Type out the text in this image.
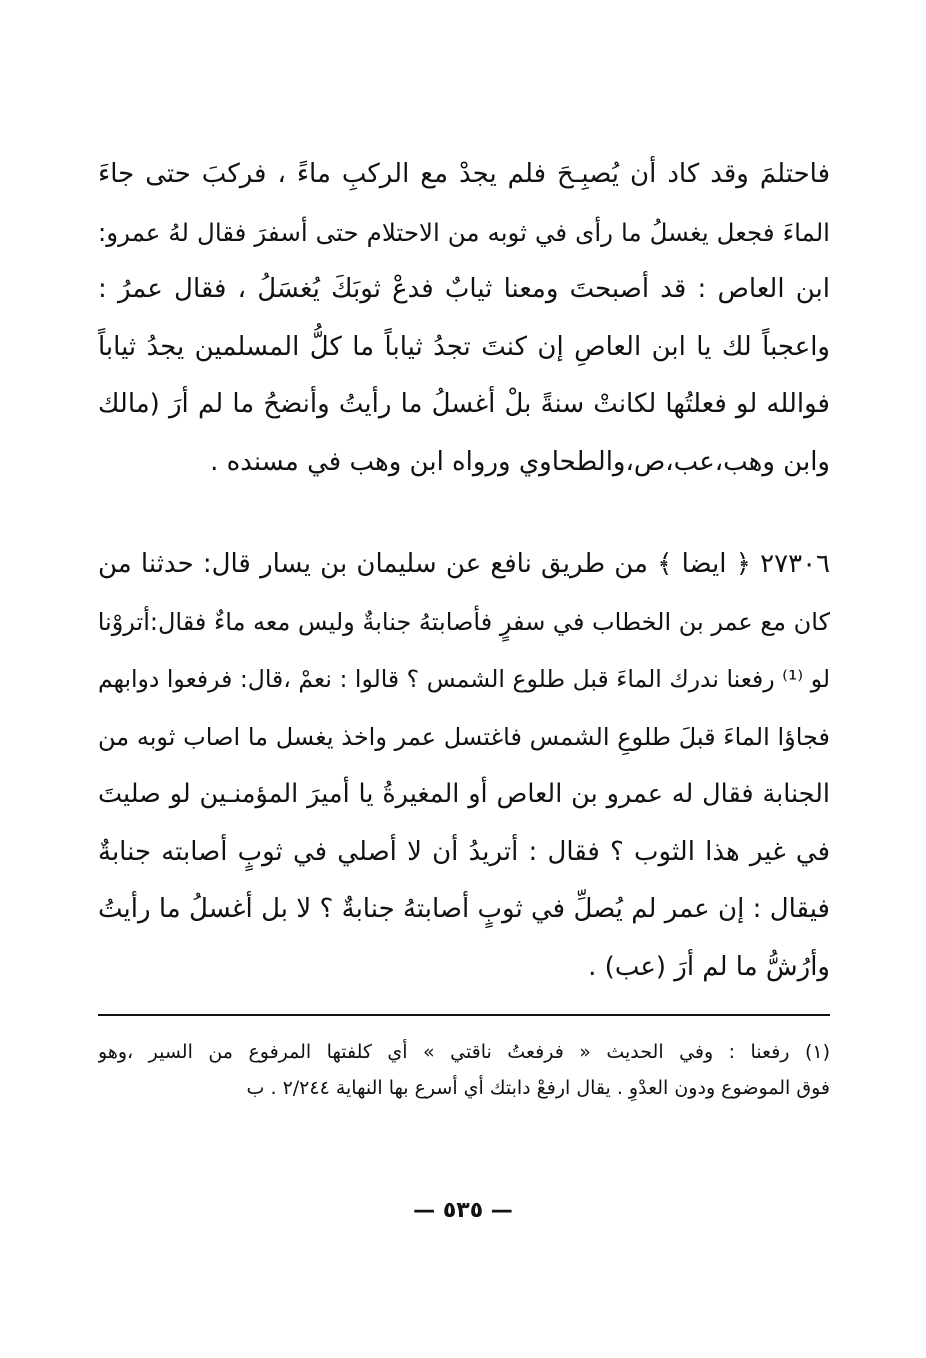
فاحتلمَ وقد كاد أن يُصبِـحَ فلم يجدْ مع الركبِ ماءً ، فركبَ حتى جاءَ
الماءَ فجعل يغسلُ ما رأى في ثوبه من الاحتلام حتى أسفرَ فقال لهُ عمرو:
ابن العاص : قد أصبحتَ ومعنا ثيابٌ فدعْ ثوبَكَ يُغسَلُ ، فقال عمرُ :
واعجباً لك يا ابن العاصِ إن كنتَ تجدُ ثياباً ما كلُّ المسلمين يجدُ ثياباً
فوالله لو فعلتُها لكانتْ سنةً بلْ أغسلُ ما رأيتُ وأنضحُ ما لم أرَ (مالك
وابن وهب،عب،ص،والطحاوي ورواه ابن وهب في مسنده .
٢٧٣٠٦ ﴿ ايضا ﴾ من طريق نافع عن سليمان بن يسار قال: حدثنا من
كان مع عمر بن الخطاب في سفرٍ فأصابتهُ جنابةٌ وليس معه ماءٌ فقال:أتروْنا
لو ⁽¹⁾ رفعنا ندرك الماءَ قبل طلوع الشمس ؟ قالوا : نعمْ ،قال: فرفعوا دوابهم
فجاؤا الماءَ قبلَ طلوعِ الشمس فاغتسل عمر واخذ يغسل ما اصاب ثوبه من
الجنابة فقال له عمرو بن العاص أو المغيرةُ يا أميرَ المؤمنـين لو صليتَ
في غير هذا الثوب ؟ فقال : أتريدُ أن لا أصلي في ثوبٍ أصابته جنابةٌ
فيقال : إن عمر لم يُصلِّ في ثوبٍ أصابتهُ جنابةٌ ؟ لا بل أغسلُ ما رأيتُ
وأرُشُّ ما لم أرَ (عب) .
(١) رفعنا : وفي الحديث « فرفعتُ ناقتي » أي كلفتها المرفوع من السير ،وهو
فوق الموضوع ودون العدْوِ . يقال ارفعْ دابتك أي أسرع بها النهاية ٢/٢٤٤ . ب
— ٥٣٥ —
